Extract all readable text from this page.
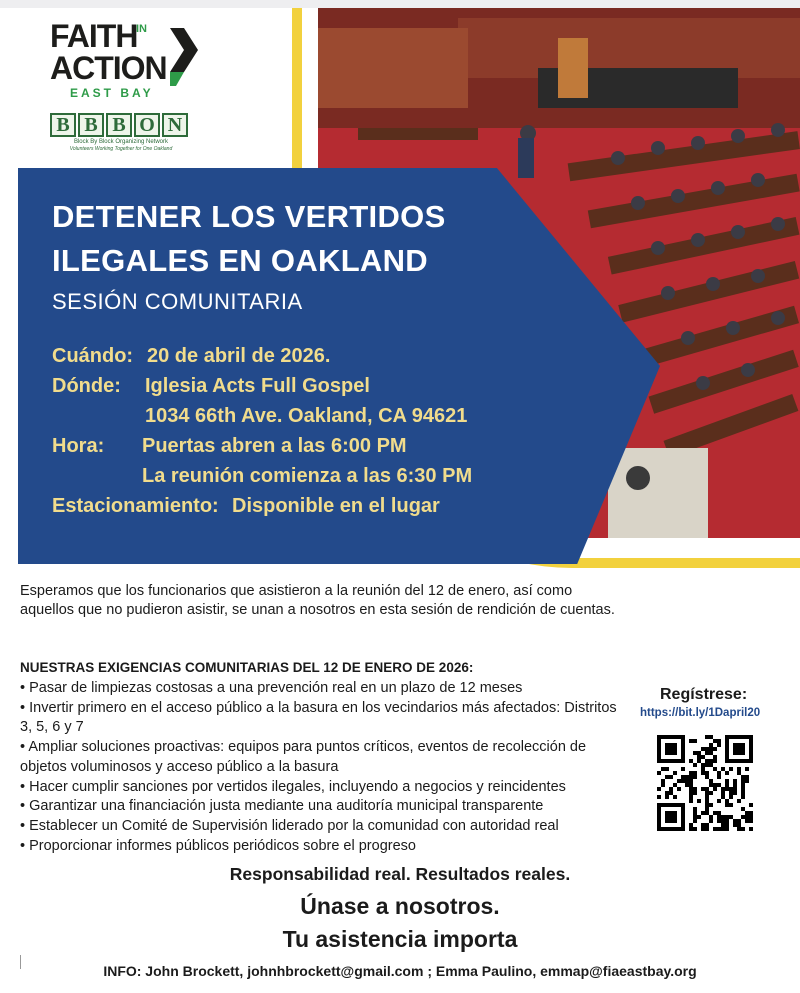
FAITH
IN
ACTION
EAST BAY
B B B O N
Block By Block Organizing Network
Volunteers Working Together for One Oakland
DETENER LOS VERTIDOS
ILEGALES EN OAKLAND
SESIÓN COMUNITARIA
Cuándo: 20 de abril de 2026.
Dónde: Iglesia Acts Full Gospel
1034 66th Ave. Oakland, CA 94621
Hora: Puertas abren a las 6:00 PM
La reunión comienza a las 6:30 PM
Estacionamiento: Disponible en el lugar
Esperamos que los funcionarios que asistieron a la reunión del 12 de enero, así como aquellos que no pudieron asistir, se unan a nosotros en esta sesión de rendición de cuentas.
NUESTRAS EXIGENCIAS COMUNITARIAS DEL 12 DE ENERO DE 2026:
• Pasar de limpiezas costosas a una prevención real en un plazo de 12 meses
• Invertir primero en el acceso público a la basura en los vecindarios más afectados: Distritos 3, 5, 6 y 7
• Ampliar soluciones proactivas: equipos para puntos críticos, eventos de recolección de objetos voluminosos y acceso público a la basura
• Hacer cumplir sanciones por vertidos ilegales, incluyendo a negocios y reincidentes
• Garantizar una financiación justa mediante una auditoría municipal transparente
• Establecer un Comité de Supervisión liderado por la comunidad con autoridad real
• Proporcionar informes públicos periódicos sobre el progreso
Regístrese:
https://bit.ly/1Dapril20
Responsabilidad real. Resultados reales.
Únase a nosotros.
Tu asistencia importa
INFO: John Brockett, johnhbrockett@gmail.com ; Emma Paulino, emmap@fiaeastbay.org
